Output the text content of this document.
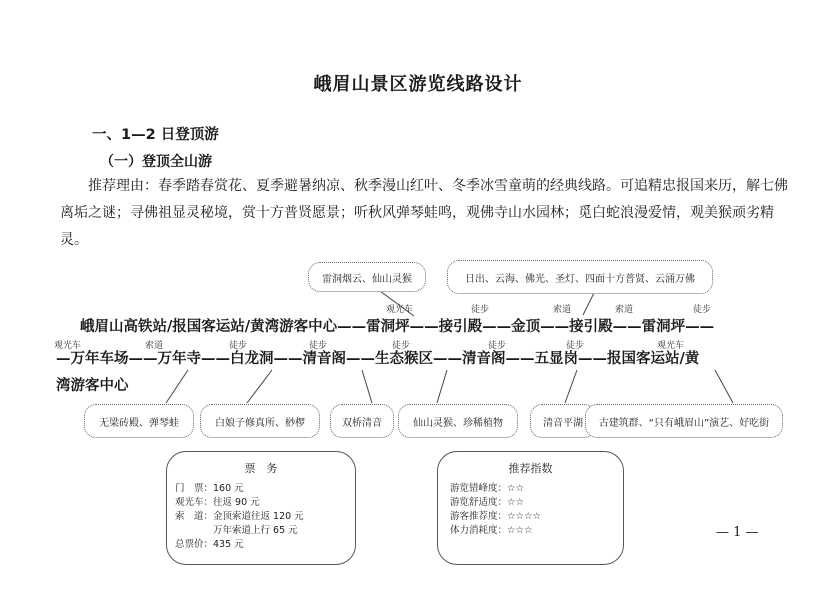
峨眉山景区游览线路设计
一、1—2 日登顶游
（一）登顶全山游
推荐理由：春季踏春赏花、夏季避暑纳凉、秋季漫山红叶、冬季冰雪童萌的经典线路。可追精忠报国来历，解七佛离垢之谜；寻佛祖显灵秘境，赏十方普贤愿景；听秋风弹琴蛙鸣，观佛寺山水园林；觅白蛇浪漫爱情，观美猴顽劣精灵。
雷洞烟云、仙山灵猴	日出、云海、佛光、圣灯、四面十方普贤、云涌万佛
观光车	徒步	索道	索道	徒步
峨眉山高铁站/报国客运站/黄湾游客中心——雷洞坪——接引殿——金顶——接引殿——雷洞坪——
观光车	索道	徒步	徒步	徒步	徒步	徒步	观光车
—万年车场——万年寺——白龙洞——清音阁——生态猴区——清音阁——五显岗——报国客运站/黄
湾游客中心
无梁砖殿、弹琴蛙	白娘子修真所、桫椤	双桥清音	仙山灵猴、珍稀植物	清音平湖	古建筑群、“只有峨眉山”演艺、好吃街
票　务
门　票：160 元
观光车：往返 90 元
索　道：金顶索道往返 120 元
　　　　万年索道上行 65 元
总票价：435 元
推荐指数
游览错峰度：☆☆
游览舒适度：☆☆
游客推荐度：☆☆☆☆
体力消耗度：☆☆☆	— 1 —
